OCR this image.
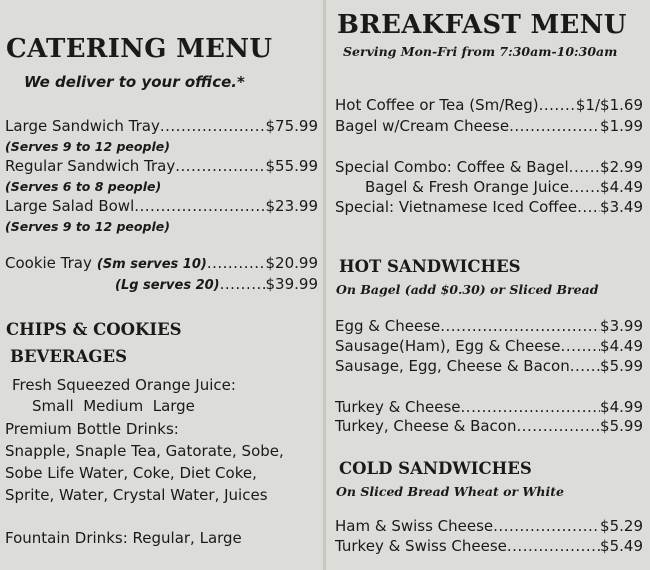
CATERING MENU
We deliver to your office.*
Large Sandwich Tray .....	$75.99
(Serves 9 to 12 people)
Regular Sandwich Tray .....	$55.99
(Serves 6 to 8 people)
Large Salad Bowl .....	$23.99
(Serves 9 to 12 people)
Cookie Tray (Sm serves 10) .....	$20.99
(Lg serves 20) .....	$39.99
CHIPS & COOKIES
BEVERAGES
Fresh Squeezed Orange Juice:
Small  Medium  Large
Premium Bottle Drinks:
Snapple, Snaple Tea, Gatorate, Sobe,
Sobe Life Water, Coke, Diet Coke,
Sprite, Water, Crystal Water, Juices
Fountain Drinks: Regular, Large
BREAKFAST MENU
Serving Mon-Fri from 7:30am-10:30am
Hot Coffee or Tea (Sm/Reg) ..... $1/$1.69
Bagel w/Cream Cheese .....	$1.99
Special Combo: Coffee & Bagel ..... $2.99
Bagel & Fresh Orange Juice ..... $4.49
Special: Vietnamese Iced Coffee ..... $3.49
HOT SANDWICHES
On Bagel (add $0.30) or Sliced Bread
Egg & Cheese .....	$3.99
Sausage(Ham), Egg & Cheese .....	$4.49
Sausage, Egg, Cheese & Bacon ..... $5.99
Turkey & Cheese .....	$4.99
Turkey, Cheese & Bacon .....	$5.99
COLD SANDWICHES
On Sliced Bread Wheat or White
Ham & Swiss Cheese .....	$5.29
Turkey & Swiss Cheese .....	$5.49
